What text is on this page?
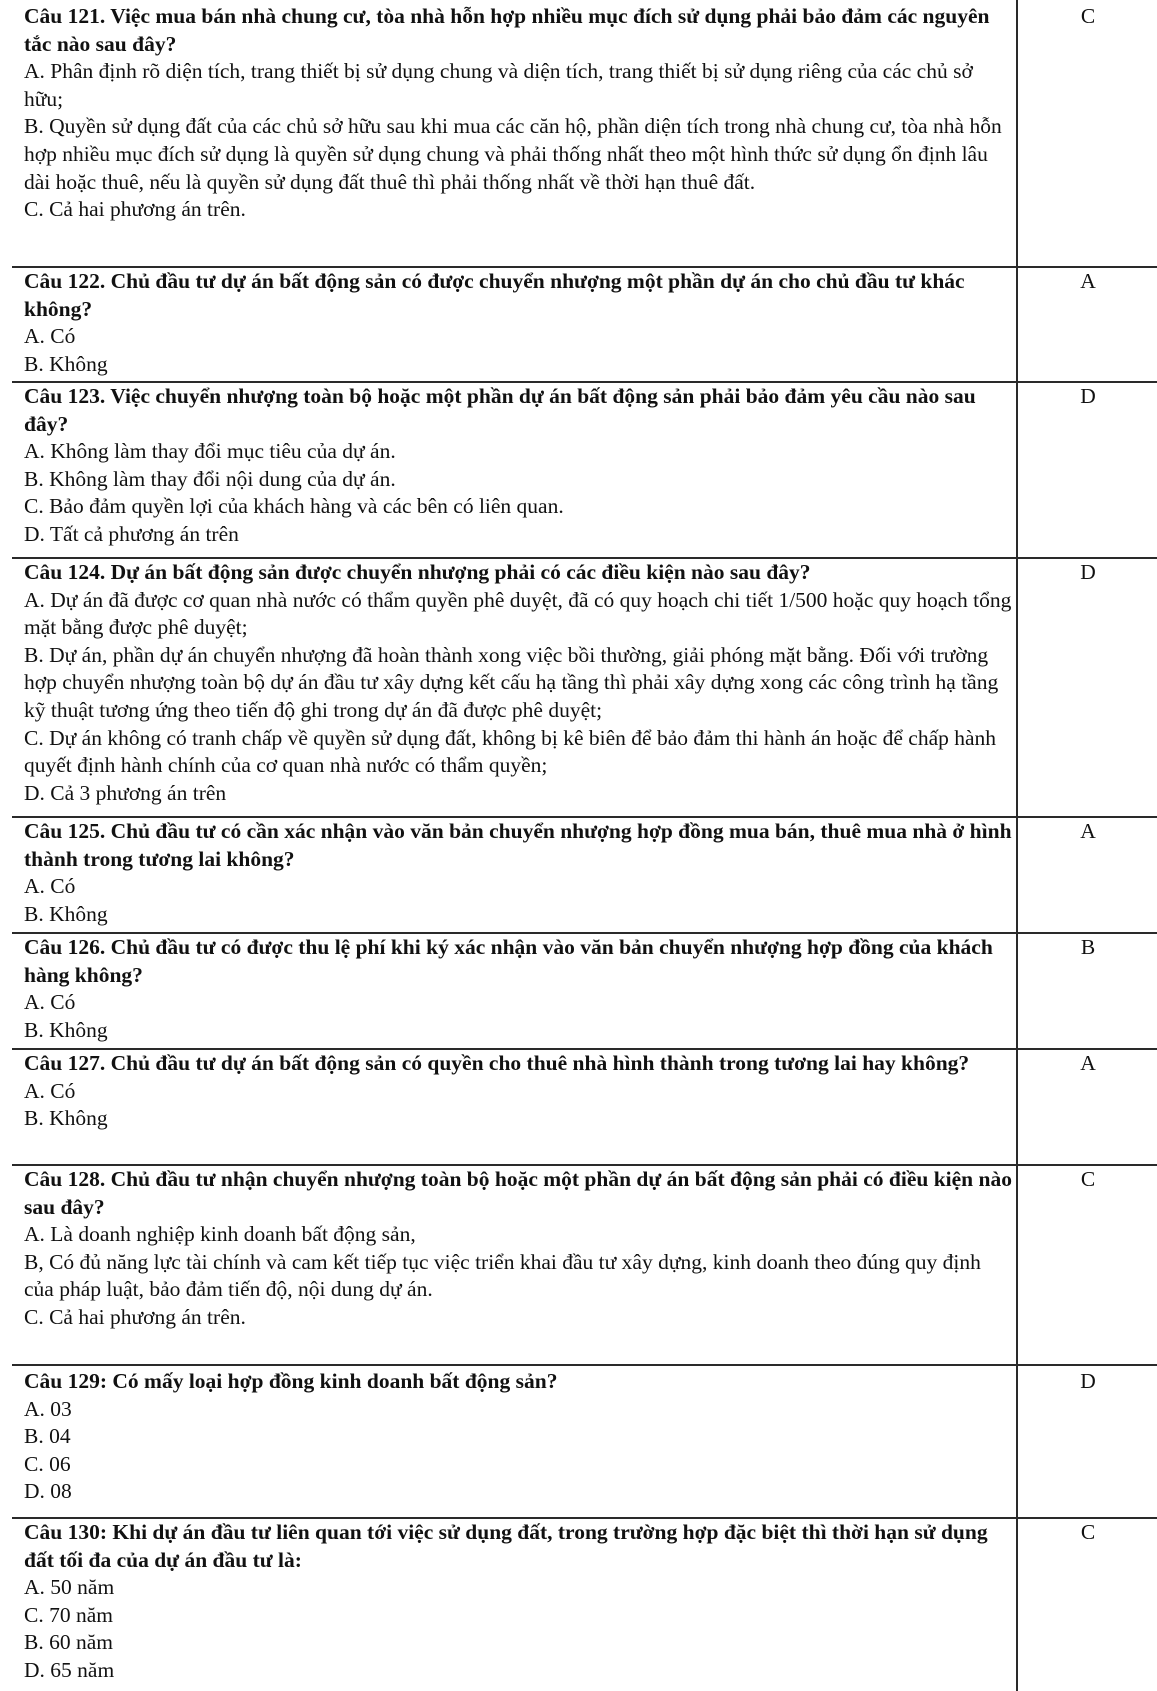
Câu 121. Việc mua bán nhà chung cư, tòa nhà hỗn hợp nhiều mục đích sử dụng phải bảo đảm các nguyên tắc nào sau đây?

A. Phân định rõ diện tích, trang thiết bị sử dụng chung và diện tích, trang thiết bị sử dụng riêng của các chủ sở hữu;

B. Quyền sử dụng đất của các chủ sở hữu sau khi mua các căn hộ, phần diện tích trong nhà chung cư, tòa nhà hỗn hợp nhiều mục đích sử dụng là quyền sử dụng chung và phải thống nhất theo một hình thức sử dụng ổn định lâu dài hoặc thuê, nếu là quyền sử dụng đất thuê thì phải thống nhất về thời hạn thuê đất.

C. Cả hai phương án trên.

C

Câu 122. Chủ đầu tư dự án bất động sản có được chuyển nhượng một phần dự án cho chủ đầu tư khác không?

A. Có

B. Không

A

Câu 123. Việc chuyển nhượng toàn bộ hoặc một phần dự án bất động sản phải bảo đảm yêu cầu nào sau đây?

A. Không làm thay đổi mục tiêu của dự án.

B. Không làm thay đổi nội dung của dự án.

C. Bảo đảm quyền lợi của khách hàng và các bên có liên quan.

D. Tất cả phương án trên

D

Câu 124. Dự án bất động sản được chuyển nhượng phải có các điều kiện nào sau đây?

A. Dự án đã được cơ quan nhà nước có thẩm quyền phê duyệt, đã có quy hoạch chi tiết 1/500 hoặc quy hoạch tổng mặt bằng được phê duyệt;

B. Dự án, phần dự án chuyển nhượng đã hoàn thành xong việc bồi thường, giải phóng mặt bằng. Đối với trường hợp chuyển nhượng toàn bộ dự án đầu tư xây dựng kết cấu hạ tầng thì phải xây dựng xong các công trình hạ tầng kỹ thuật tương ứng theo tiến độ ghi trong dự án đã được phê duyệt;

C. Dự án không có tranh chấp về quyền sử dụng đất, không bị kê biên để bảo đảm thi hành án hoặc để chấp hành quyết định hành chính của cơ quan nhà nước có thẩm quyền;

D. Cả 3 phương án trên

D

Câu 125. Chủ đầu tư có cần xác nhận vào văn bản chuyển nhượng hợp đồng mua bán, thuê mua nhà ở hình thành trong tương lai không?

A. Có

B. Không

A

Câu 126. Chủ đầu tư có được thu lệ phí khi ký xác nhận vào văn bản chuyển nhượng hợp đồng của khách hàng không?

A. Có

B. Không

B

Câu 127. Chủ đầu tư dự án bất động sản có quyền cho thuê nhà hình thành trong tương lai hay không?

A. Có

B. Không

A

Câu 128. Chủ đầu tư nhận chuyển nhượng toàn bộ hoặc một phần dự án bất động sản phải có điều kiện nào sau đây?

A. Là doanh nghiệp kinh doanh bất động sản,

B, Có đủ năng lực tài chính và cam kết tiếp tục việc triển khai đầu tư xây dựng, kinh doanh theo đúng quy định của pháp luật, bảo đảm tiến độ, nội dung dự án.

C. Cả hai phương án trên.

C

Câu 129: Có mấy loại hợp đồng kinh doanh bất động sản?

A. 03

B. 04

C. 06

D. 08

D

Câu 130: Khi dự án đầu tư liên quan tới việc sử dụng đất, trong trường hợp đặc biệt thì thời hạn sử dụng đất tối đa của dự án đầu tư là:

A. 50 năm

C. 70 năm

B. 60 năm

D. 65 năm

C
